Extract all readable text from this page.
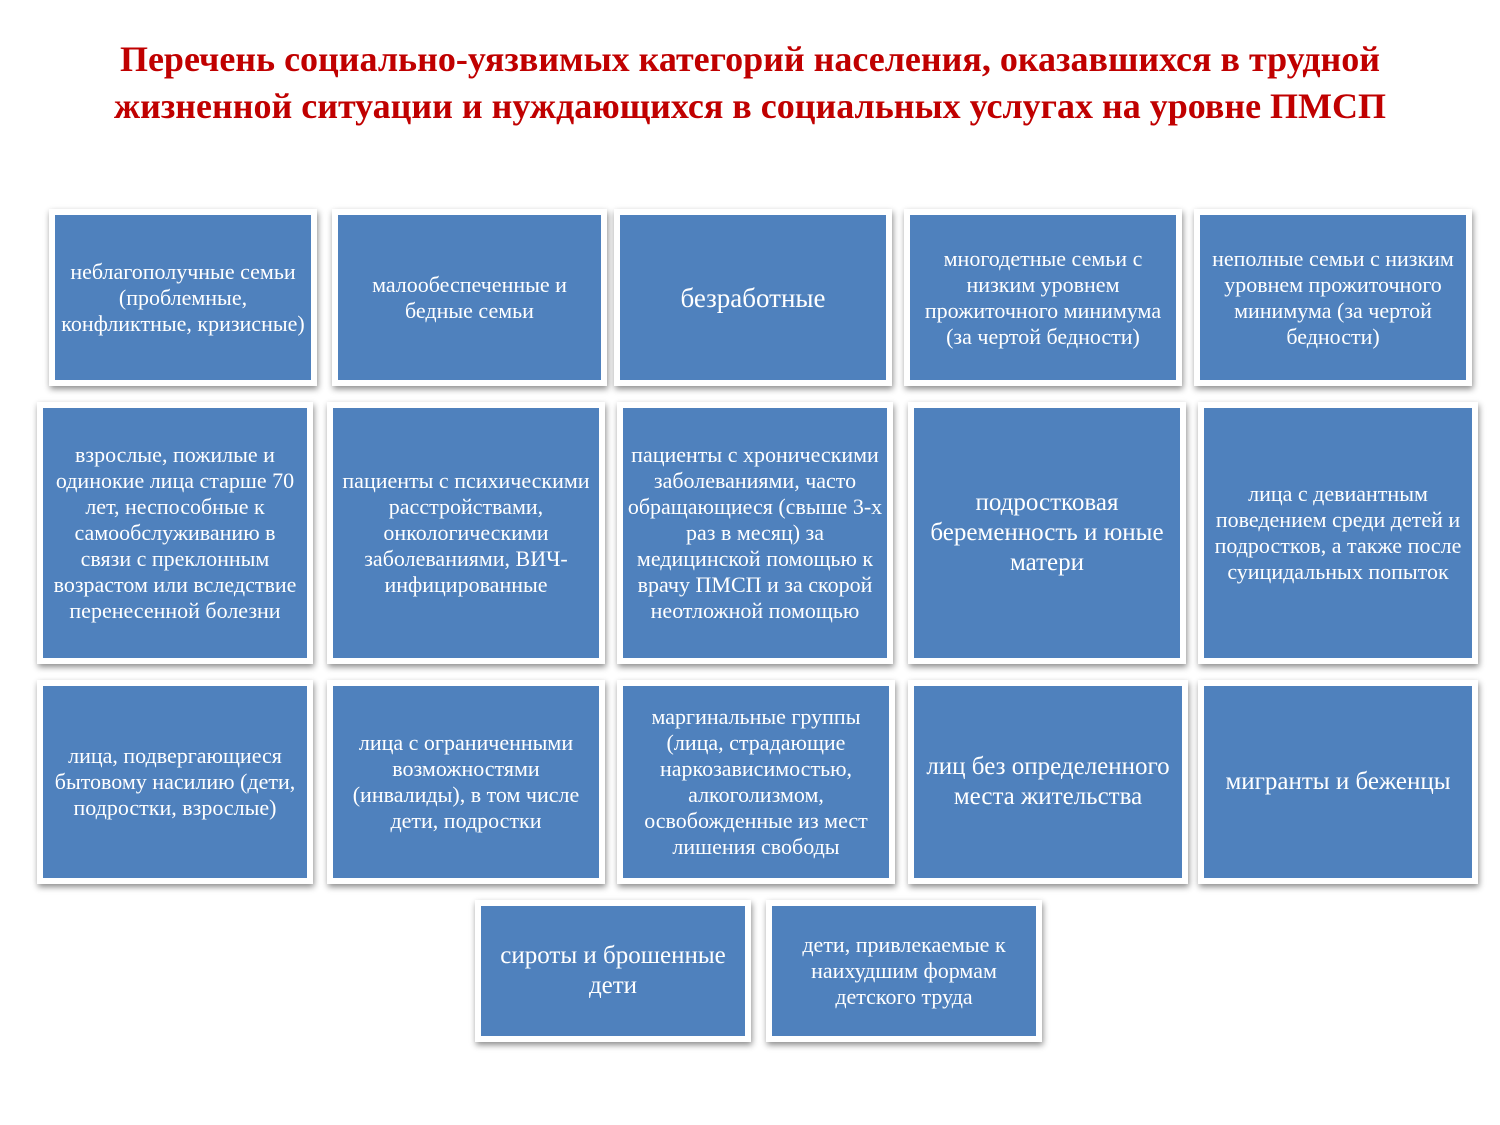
Перечень социально-уязвимых категорий населения, оказавшихся в трудной жизненной ситуации и нуждающихся в социальных услугах на уровне ПМСП
неблагополучные семьи (проблемные, конфликтные, кризисные)
малообеспеченные и бедные семьи	безработные
многодетные семьи с низким уровнем прожиточного минимума (за чертой бедности)
неполные семьи с низким уровнем прожиточного минимума (за чертой бедности)
взрослые, пожилые и одинокие лица старше 70 лет, неспособные к самообслуживанию в связи с преклонным возрастом или вследствие перенесенной болезни
пациенты с психическими расстройствами, онкологическими заболеваниями, ВИЧ-инфицированные
пациенты с хроническими заболеваниями, часто обращающиеся (свыше 3-х раз в месяц) за медицинской помощью к врачу ПМСП и за скорой неотложной помощью
подростковая беременность и юные матери
лица с девиантным поведением среди детей и подростков, а также после суицидальных попыток
лица, подвергающиеся бытовому насилию (дети, подростки, взрослые)
лица с ограниченными возможностями (инвалиды), в том числе дети, подростки
маргинальные группы (лица, страдающие наркозависимостью, алкоголизмом, освобожденные из мест лишения свободы
лиц без определенного места жительства
мигранты и беженцы
сироты и брошенные дети
дети, привлекаемые к наихудшим формам детского труда
